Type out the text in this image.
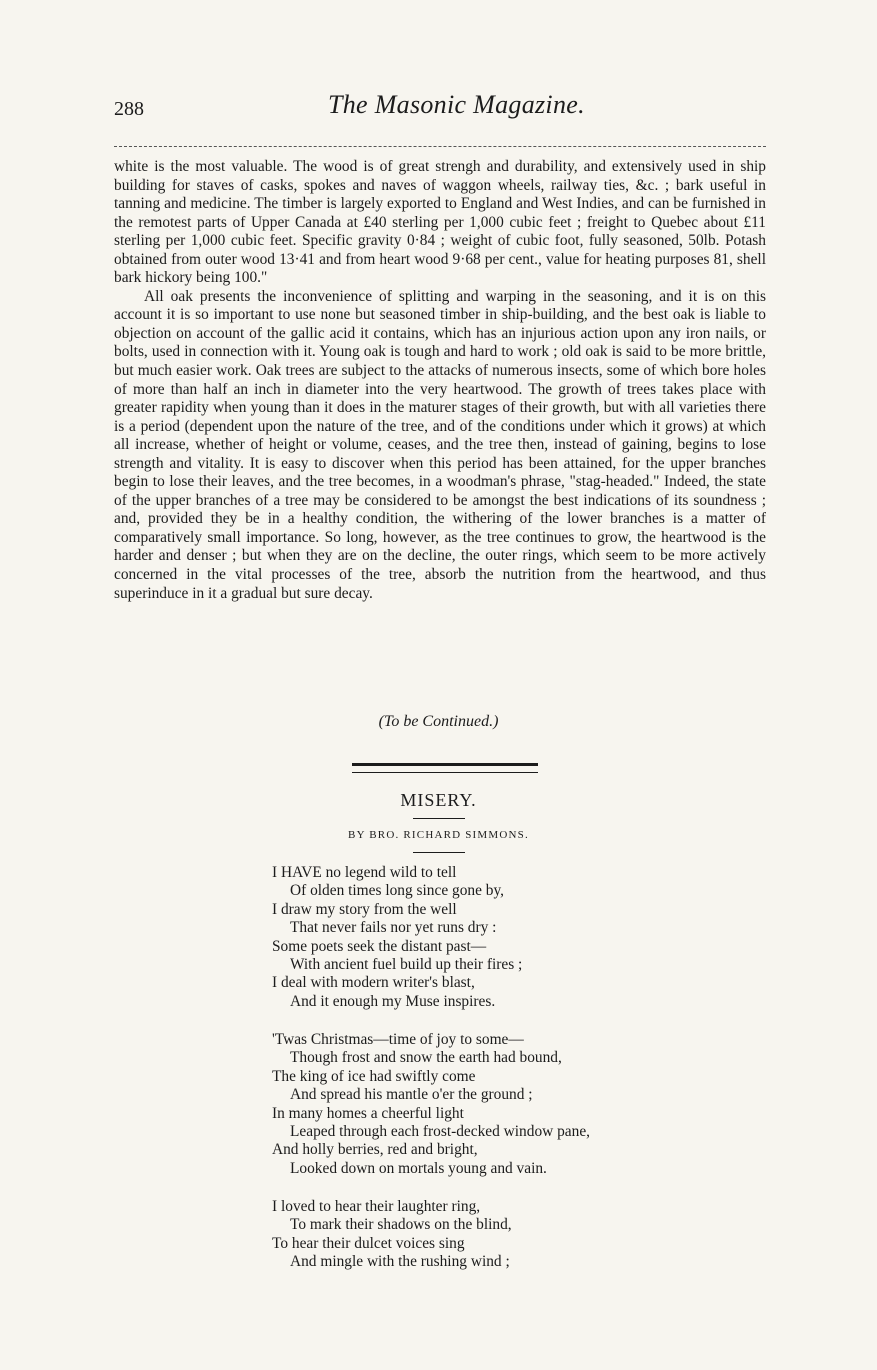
288	The Masonic Magazine.

white is the most valuable. The wood is of great strengh and durability, and extensively used in ship building for staves of casks, spokes and naves of waggon wheels, railway ties, &c. ; bark useful in tanning and medicine. The timber is largely exported to England and West Indies, and can be furnished in the remotest parts of Upper Canada at £40 sterling per 1,000 cubic feet ; freight to Quebec about £11 sterling per 1,000 cubic feet. Specific gravity 0·84 ; weight of cubic foot, fully seasoned, 50lb. Potash obtained from outer wood 13·41 and from heart wood 9·68 per cent., value for heating purposes 81, shell bark hickory being 100."

All oak presents the inconvenience of splitting and warping in the seasoning, and it is on this account it is so important to use none but seasoned timber in ship-building, and the best oak is liable to objection on account of the gallic acid it contains, which has an injurious action upon any iron nails, or bolts, used in connection with it. Young oak is tough and hard to work ; old oak is said to be more brittle, but much easier work. Oak trees are subject to the attacks of numerous insects, some of which bore holes of more than half an inch in diameter into the very heartwood. The growth of trees takes place with greater rapidity when young than it does in the maturer stages of their growth, but with all varieties there is a period (dependent upon the nature of the tree, and of the conditions under which it grows) at which all increase, whether of height or volume, ceases, and the tree then, instead of gaining, begins to lose strength and vitality. It is easy to discover when this period has been attained, for the upper branches begin to lose their leaves, and the tree becomes, in a woodman's phrase, "stag-headed." Indeed, the state of the upper branches of a tree may be considered to be amongst the best indications of its soundness ; and, provided they be in a healthy condition, the withering of the lower branches is a matter of comparatively small importance. So long, however, as the tree continues to grow, the heartwood is the harder and denser ; but when they are on the decline, the outer rings, which seem to be more actively concerned in the vital processes of the tree, absorb the nutrition from the heartwood, and thus superinduce in it a gradual but sure decay.

(To be Continued.)
MISERY.
BY BRO. RICHARD SIMMONS.
I HAVE no legend wild to tell
Of olden times long since gone by,
I draw my story from the well
That never fails nor yet runs dry :
Some poets seek the distant past—
With ancient fuel build up their fires ;
I deal with modern writer's blast,
And it enough my Muse inspires.
'Twas Christmas—time of joy to some—
Though frost and snow the earth had bound,
The king of ice had swiftly come
And spread his mantle o'er the ground ;
In many homes a cheerful light
Leaped through each frost-decked window pane,
And holly berries, red and bright,
Looked down on mortals young and vain.
I loved to hear their laughter ring,
To mark their shadows on the blind,
To hear their dulcet voices sing
And mingle with the rushing wind ;
